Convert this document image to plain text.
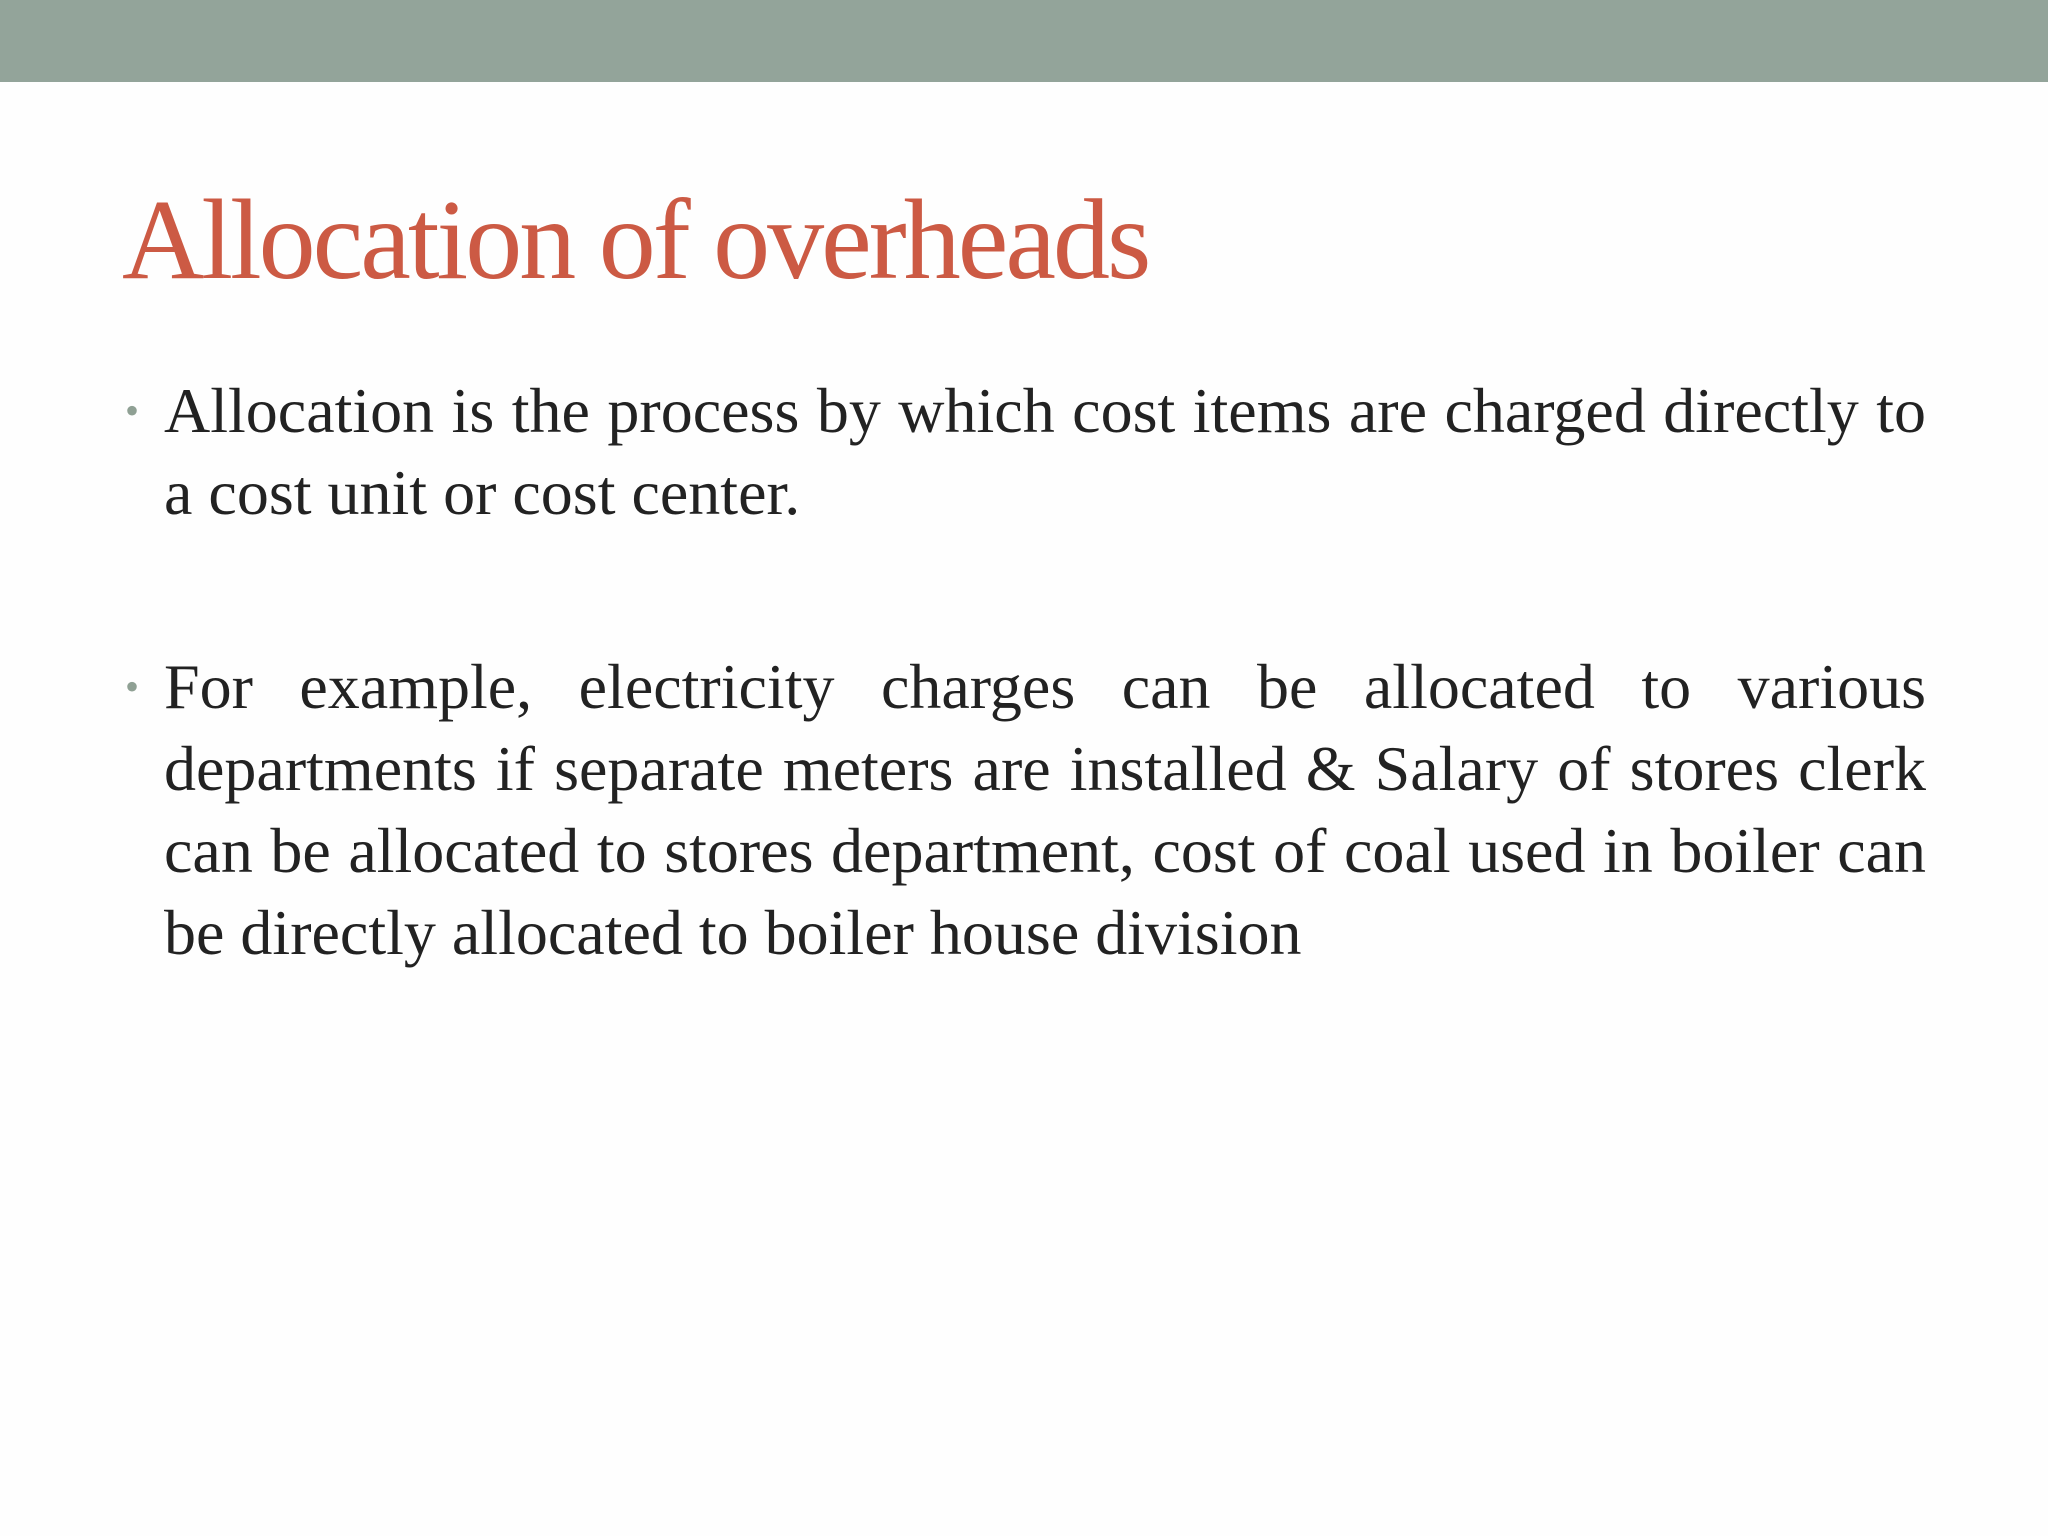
Allocation of overheads
• Allocation is the process by which cost items are charged directly to a cost unit or cost center.
• For example, electricity charges can be allocated to various departments if separate meters are installed & Salary of stores clerk can be allocated to stores department, cost of coal used in boiler can be directly allocated to boiler house division
